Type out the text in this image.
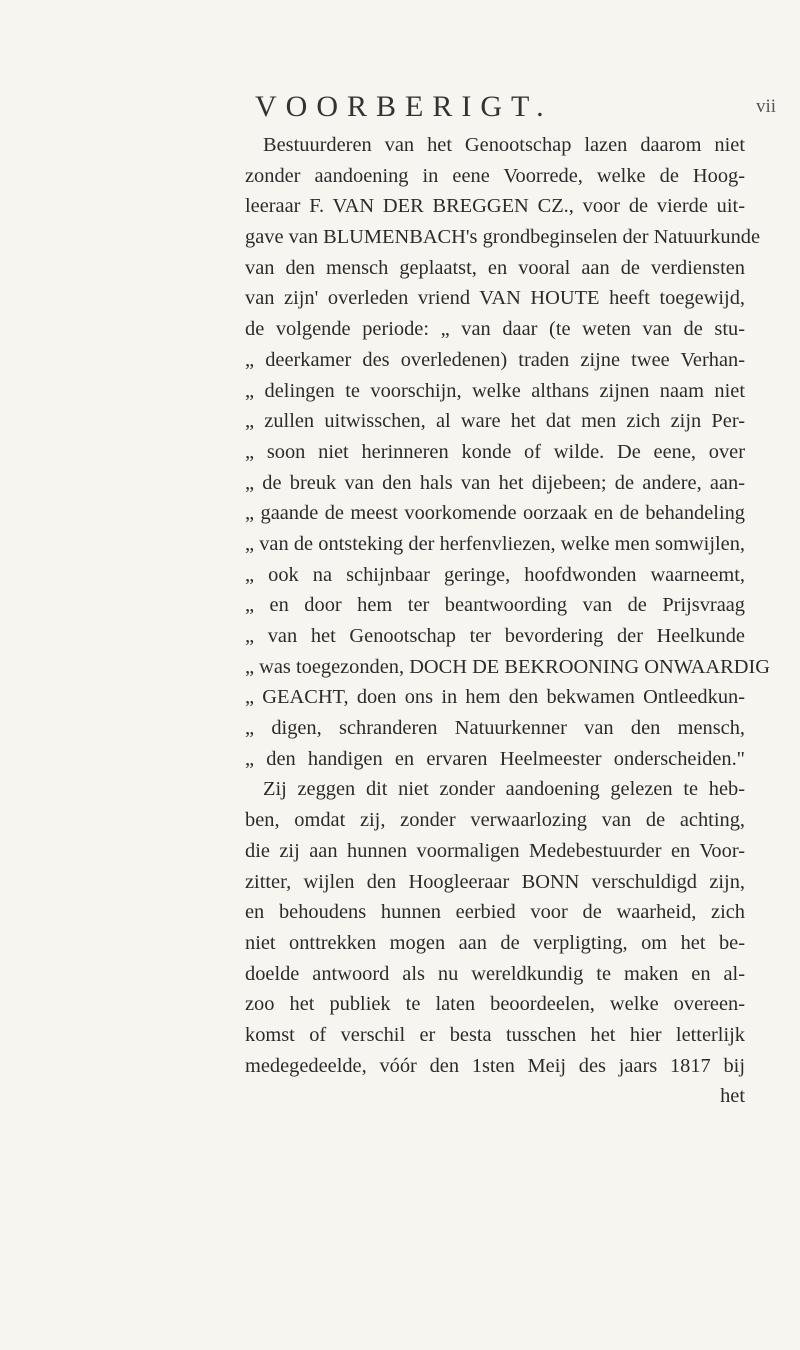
VOORBERIGT.	vii
Bestuurderen van het Genootschap lazen daarom niet
zonder aandoening in eene Voorrede, welke de Hoog-
leeraar F. VAN DER BREGGEN CZ., voor de vierde uit-
gave van BLUMENBACH's grondbeginselen der Natuurkunde
van den mensch geplaatst, en vooral aan de verdiensten
van zijn' overleden vriend VAN HOUTE heeft toegewijd,
de volgende periode: „ van daar (te weten van de stu-
„ deerkamer des overledenen) traden zijne twee Verhan-
„ delingen te voorschijn, welke althans zijnen naam niet
„ zullen uitwisschen, al ware het dat men zich zijn Per-
„ soon niet herinneren konde of wilde. De eene, over
„ de breuk van den hals van het dijebeen; de andere, aan-
„ gaande de meest voorkomende oorzaak en de behandeling
„ van de ontsteking der herfenvliezen, welke men somwijlen,
„ ook na schijnbaar geringe, hoofdwonden waarneemt,
„ en door hem ter beantwoording van de Prijsvraag
„ van het Genootschap ter bevordering der Heelkunde
„ was toegezonden, DOCH DE BEKROONING ONWAARDIG
„ GEACHT, doen ons in hem den bekwamen Ontleedkun-
„ digen, schranderen Natuurkenner van den mensch,
„ den handigen en ervaren Heelmeester onderscheiden."
Zij zeggen dit niet zonder aandoening gelezen te heb-
ben, omdat zij, zonder verwaarlozing van de achting,
die zij aan hunnen voormaligen Medebestuurder en Voor-
zitter, wijlen den Hoogleeraar BONN verschuldigd zijn,
en behoudens hunnen eerbied voor de waarheid, zich
niet onttrekken mogen aan de verpligting, om het be-
doelde antwoord als nu wereldkundig te maken en al-
zoo het publiek te laten beoordeelen, welke overeen-
komst of verschil er besta tusschen het hier letterlijk
medegedeelde, vóór den 1sten Meij des jaars 1817 bij
het
